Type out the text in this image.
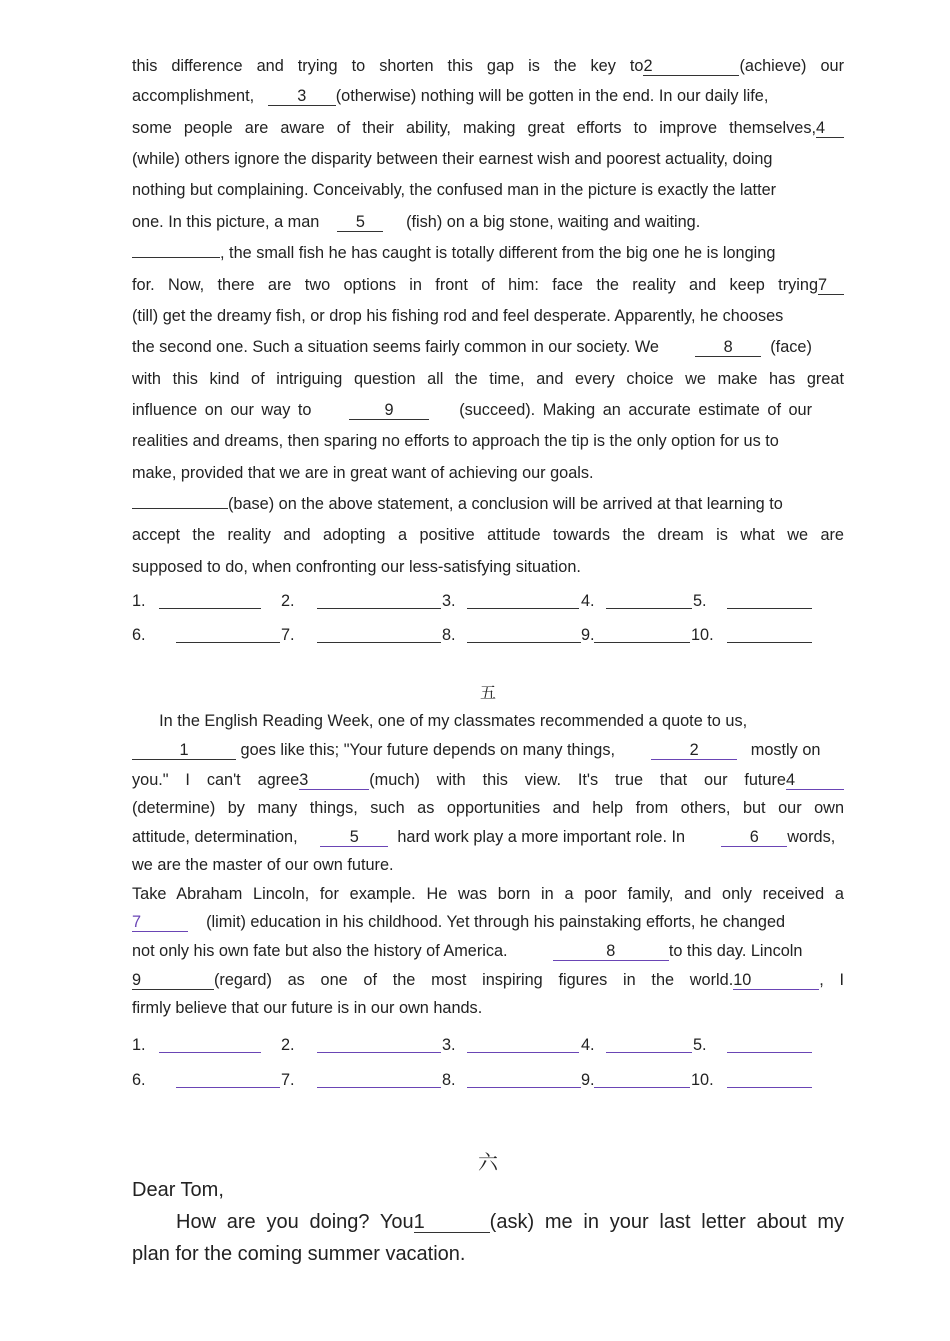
this difference and trying to shorten this gap is the key to2	(achieve) our
accomplishment,	3 (otherwise) nothing will be gotten in the end. In our daily life,
some people are aware of their ability, making great efforts to improve themselves,4
(while) others ignore the disparity between their earnest wish and poorest actuality, doing
nothing but complaining. Conceivably, the confused man in the picture is exactly the latter
one. In this picture, a man 5	(fish) on a big stone, waiting and waiting.
, the small fish he has caught is totally different from the big one he is longing
for. Now, there are two options in front of him: face the reality and keep trying7
(till) get the dreamy fish, or drop his fishing rod and feel desperate. Apparently, he chooses
the second one. Such a situation seems fairly common in our society. We	8 (face)
with this kind of intriguing question all the time, and every choice we make has great
influence on our way to	9	(succeed). Making an accurate estimate of our
realities and dreams, then sparing no efforts to approach the tip is the only option for us to
make, provided that we are in great want of achieving our goals.
(base) on the above statement, a conclusion will be arrived at that learning to
accept the reality and adopting a positive attitude towards the dream is what we are
supposed to do, when confronting our less-satisfying situation.
1.	2.	3.	4.	5.
6.	7.	8.	9.	10.
五
In the English Reading Week, one of my classmates recommended a quote to us,
1	goes like this; "Your future depends on many things,	2	mostly on
you." I can't agree3	(much) with this view. It's true that our future4
(determine) by many things, such as opportunities and help from others, but our own
attitude, determination,	5 hard work play a more important role. In	6 words,
we are the master of our own future.
Take Abraham Lincoln, for example. He was born in a poor family, and only received a
7	(limit) education in his childhood. Yet through his painstaking efforts, he changed
not only his own fate but also the history of America.	8	to this day. Lincoln
9	(regard) as one of the most inspiring figures in the world.10	, I
firmly believe that our future is in our own hands.
1.	2.	3.	4.	5.
6.	7.	8.	9.	10.
六
Dear Tom,
How are you doing? You1	(ask) me in your last letter about my
plan for the coming summer vacation.
